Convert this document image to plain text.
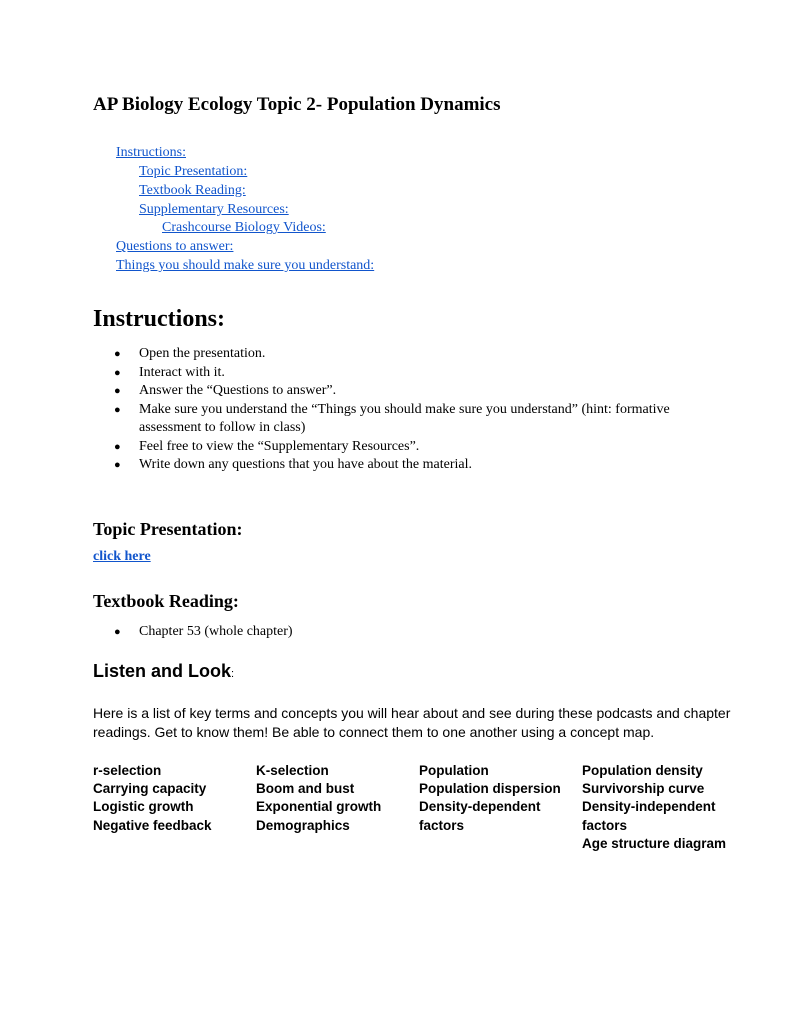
AP Biology Ecology Topic 2- Population Dynamics
Instructions:
Topic Presentation:
Textbook Reading:
Supplementary Resources:
Crashcourse Biology Videos:
Questions to answer:
Things you should make sure you understand:
Instructions:
● Open the presentation.
● Interact with it.
● Answer the “Questions to answer”.
● Make sure you understand the “Things you should make sure you understand” (hint: formative assessment to follow in class)
● Feel free to view the “Supplementary Resources”.
● Write down any questions that you have about the material.
Topic Presentation:
click here
Textbook Reading:
● Chapter 53 (whole chapter)
Listen and Look:
Here is a list of key terms and concepts you will hear about and see during these podcasts and chapter readings. Get to know them! Be able to connect them to one another using a concept map.
r-selection
Carrying capacity
Logistic growth
Negative feedback
K-selection
Boom and bust
Exponential growth
Demographics
Population
Population dispersion
Density-dependent
factors
Population density
Survivorship curve
Density-independent
factors
Age structure diagram
